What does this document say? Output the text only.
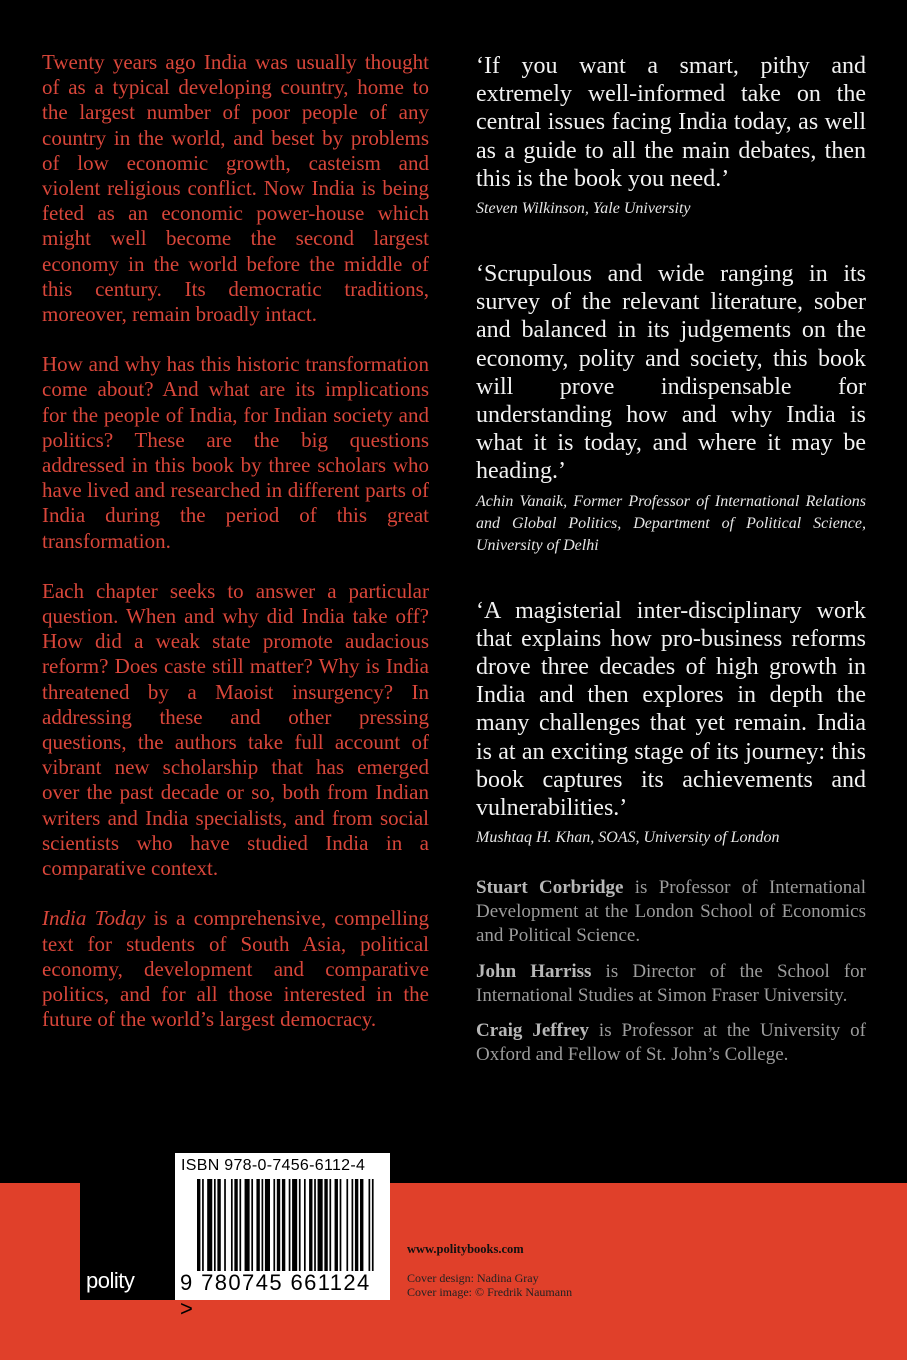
Twenty years ago India was usually thought of as a typical developing country, home to the largest number of poor people of any country in the world, and beset by problems of low economic growth, casteism and violent religious conflict. Now India is being feted as an economic power-house which might well become the second largest economy in the world before the middle of this century. Its democratic traditions, moreover, remain broadly intact.

How and why has this historic transformation come about? And what are its implications for the people of India, for Indian society and politics? These are the big questions addressed in this book by three scholars who have lived and researched in different parts of India during the period of this great transformation.

Each chapter seeks to answer a particular question. When and why did India take off? How did a weak state promote audacious reform? Does caste still matter? Why is India threatened by a Maoist insurgency? In addressing these and other pressing questions, the authors take full account of vibrant new scholarship that has emerged over the past decade or so, both from Indian writers and India specialists, and from social scientists who have studied India in a comparative context.

India Today is a comprehensive, compelling text for students of South Asia, political economy, development and comparative politics, and for all those interested in the future of the world’s largest democracy.

‘If you want a smart, pithy and extremely well-informed take on the central issues facing India today, as well as a guide to all the main debates, then this is the book you need.’

Steven Wilkinson, Yale University

‘Scrupulous and wide ranging in its survey of the relevant literature, sober and balanced in its judgements on the economy, polity and society, this book will prove indispensable for understanding how and why India is what it is today, and where it may be heading.’

Achin Vanaik, Former Professor of International Relations and Global Politics, Department of Political Science, University of Delhi

‘A magisterial inter-disciplinary work that explains how pro-business reforms drove three decades of high growth in India and then explores in depth the many challenges that yet remain. India is at an exciting stage of its journey: this book captures its achievements and vulnerabilities.’

Mushtaq H. Khan, SOAS, University of London

Stuart Corbridge is Professor of International Development at the London School of Economics and Political Science.

John Harriss is Director of the School for International Studies at Simon Fraser University.

Craig Jeffrey is Professor at the University of Oxford and Fellow of St. John’s College.

polity
ISBN 978-0-7456-6112-4
9 780745 661124 >
www.politybooks.com
Cover design: Nadina Gray
Cover image: © Fredrik Naumann
